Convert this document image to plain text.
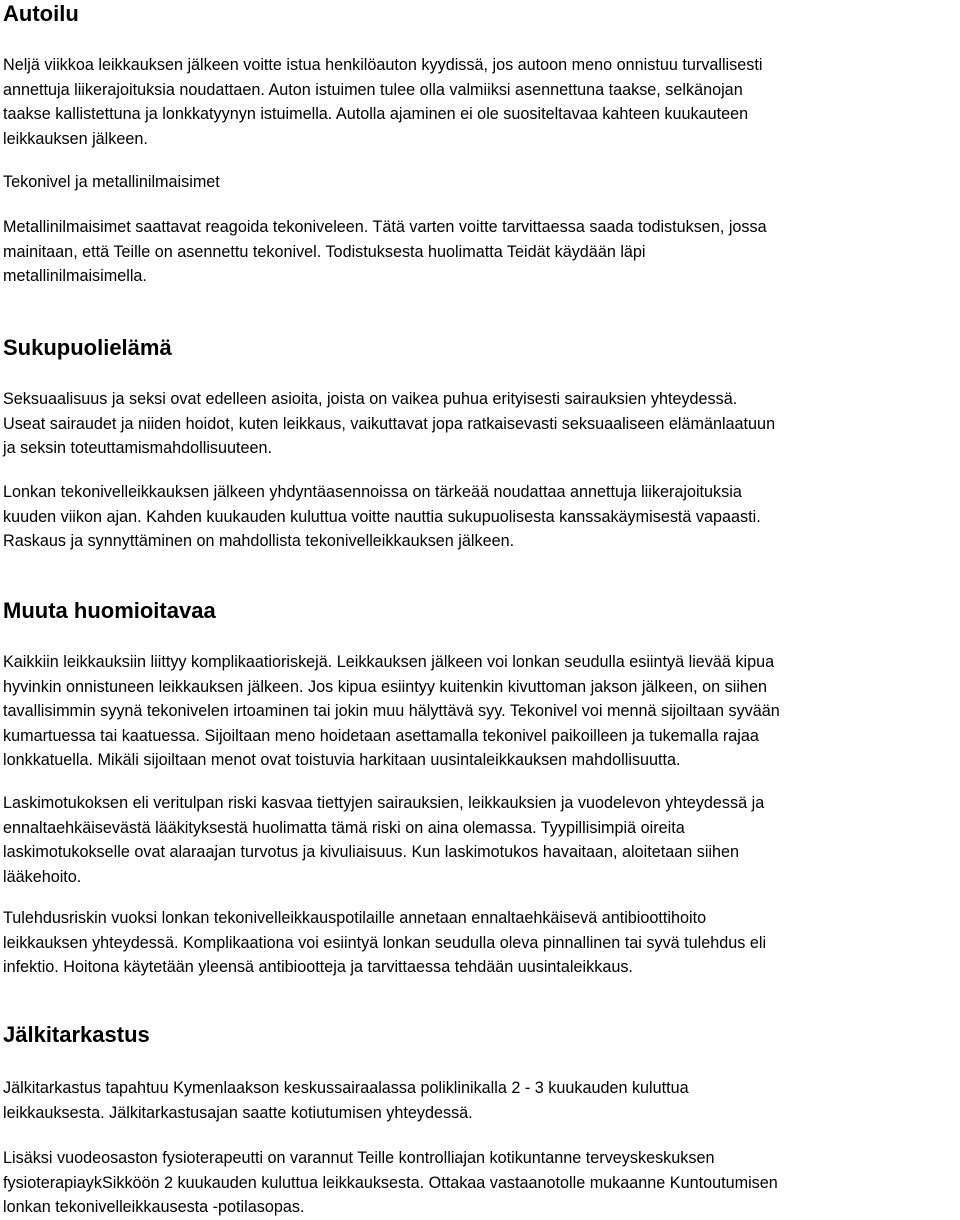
Autoilu

Neljä viikkoa leikkauksen jälkeen voitte istua henkilöauton kyydissä, jos autoon meno onnistuu turvallisesti
annettuja liikerajoituksia noudattaen. Auton istuimen tulee olla valmiiksi asennettuna taakse, selkänojan
taakse kallistettuna ja lonkkatyynyn istuimella. Autolla ajaminen ei ole suositeltavaa kahteen kuukauteen
leikkauksen jälkeen.

Tekonivel ja metallinilmaisimet

Metallinilmaisimet saattavat reagoida tekoniveleen. Tätä varten voitte tarvittaessa saada todistuksen, jossa
mainitaan, että Teille on asennettu tekonivel. Todistuksesta huolimatta Teidät käydään läpi
metallinilmaisimella.

Sukupuolielämä

Seksuaalisuus ja seksi ovat edelleen asioita, joista on vaikea puhua erityisesti sairauksien yhteydessä.
Useat sairaudet ja niiden hoidot, kuten leikkaus, vaikuttavat jopa ratkaisevasti seksuaaliseen elämänlaatuun
ja seksin toteuttamismahdollisuuteen.

Lonkan tekonivelleikkauksen jälkeen yhdyntäasennoissa on tärkeää noudattaa annettuja liikerajoituksia
kuuden viikon ajan. Kahden kuukauden kuluttua voitte nauttia sukupuolisesta kanssakäymisestä vapaasti.
Raskaus ja synnyttäminen on mahdollista tekonivelleikkauksen jälkeen.

Muuta huomioitavaa

Kaikkiin leikkauksiin liittyy komplikaatioriskejä. Leikkauksen jälkeen voi lonkan seudulla esiintyä lievää kipua
hyvinkin onnistuneen leikkauksen jälkeen. Jos kipua esiintyy kuitenkin kivuttoman jakson jälkeen, on siihen
tavallisimmin syynä tekonivelen irtoaminen tai jokin muu hälyttävä syy. Tekonivel voi mennä sijoiltaan syvään
kumartuessa tai kaatuessa. Sijoiltaan meno hoidetaan asettamalla tekonivel paikoilleen ja tukemalla rajaa
lonkkatuella. Mikäli sijoiltaan menot ovat toistuvia harkitaan uusintaleikkauksen mahdollisuutta.

Laskimotukoksen eli veritulpan riski kasvaa tiettyjen sairauksien, leikkauksien ja vuodelevon yhteydessä ja
ennaltaehkäisevästä lääkityksestä huolimatta tämä riski on aina olemassa. Tyypillisimpiä oireita
laskimotukokselle ovat alaraajan turvotus ja kivuliaisuus. Kun laskimotukos havaitaan, aloitetaan siihen
lääkehoito.

Tulehdusriskin vuoksi lonkan tekonivelleikkauspotilaille annetaan ennaltaehkäisevä antibioottihoito
leikkauksen yhteydessä. Komplikaationa voi esiintyä lonkan seudulla oleva pinnallinen tai syvä tulehdus eli
infektio. Hoitona käytetään yleensä antibiootteja ja tarvittaessa tehdään uusintaleikkaus.

Jälkitarkastus

Jälkitarkastus tapahtuu Kymenlaakson keskussairaalassa poliklinikalla 2 - 3 kuukauden kuluttua
leikkauksesta. Jälkitarkastusajan saatte kotiutumisen yhteydessä.

Lisäksi vuodeosaston fysioterapeutti on varannut Teille kontrolliajan kotikuntanne terveyskeskuksen
fysioterapiaykSikköön 2 kuukauden kuluttua leikkauksesta. Ottakaa vastaanotolle mukaanne Kuntoutumisen
lonkan tekonivelleikkausesta -potilasopas.
